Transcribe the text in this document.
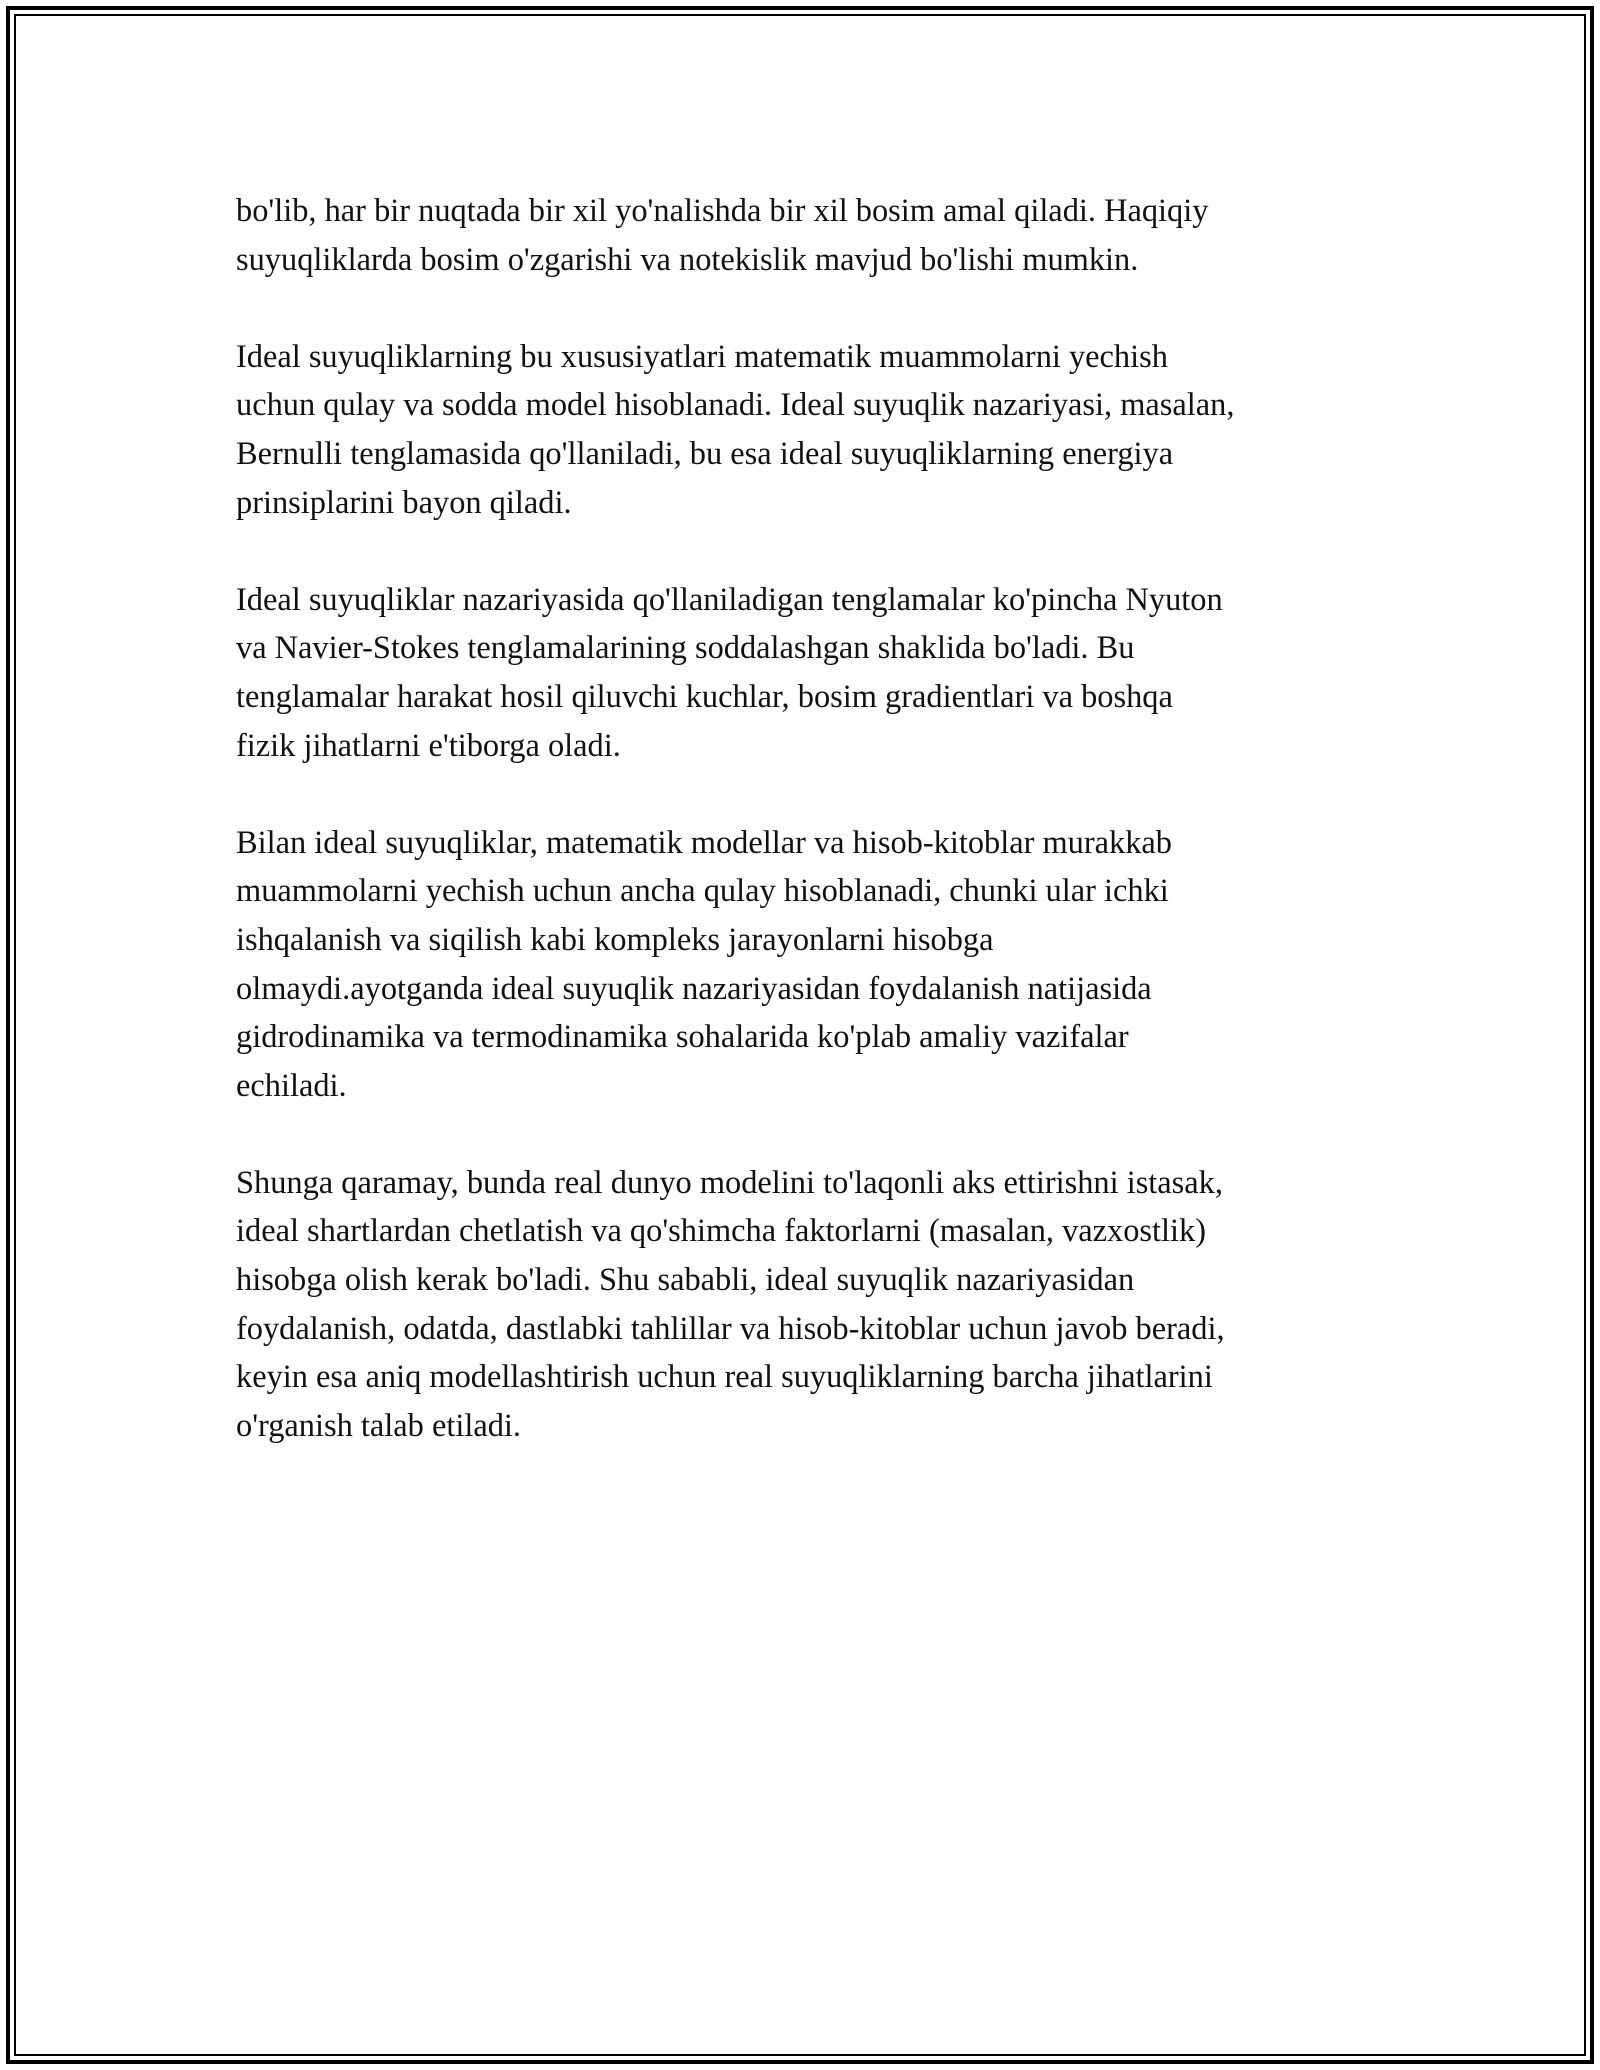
bo'lib, har bir nuqtada bir xil yo'nalishda bir xil bosim amal qiladi. Haqiqiy
suyuqliklarda bosim o'zgarishi va notekislik mavjud bo'lishi mumkin.

Ideal suyuqliklarning bu xususiyatlari matematik muammolarni yechish
uchun qulay va sodda model hisoblanadi. Ideal suyuqlik nazariyasi, masalan,
Bernulli tenglamasida qo'llaniladi, bu esa ideal suyuqliklarning energiya
prinsiplarini bayon qiladi.

Ideal suyuqliklar nazariyasida qo'llaniladigan tenglamalar ko'pincha Nyuton
va Navier-Stokes tenglamalarining soddalashgan shaklida bo'ladi. Bu
tenglamalar harakat hosil qiluvchi kuchlar, bosim gradientlari va boshqa
fizik jihatlarni e'tiborga oladi.

Bilan ideal suyuqliklar, matematik modellar va hisob-kitoblar murakkab
muammolarni yechish uchun ancha qulay hisoblanadi, chunki ular ichki
ishqalanish va siqilish kabi kompleks jarayonlarni hisobga
olmaydi.ayotganda ideal suyuqlik nazariyasidan foydalanish natijasida
gidrodinamika va termodinamika sohalarida ko'plab amaliy vazifalar
echiladi.

Shunga qaramay, bunda real dunyo modelini to'laqonli aks ettirishni istasak,
ideal shartlardan chetlatish va qo'shimcha faktorlarni (masalan, vazxostlik)
hisobga olish kerak bo'ladi. Shu sababli, ideal suyuqlik nazariyasidan
foydalanish, odatda, dastlabki tahlillar va hisob-kitoblar uchun javob beradi,
keyin esa aniq modellashtirish uchun real suyuqliklarning barcha jihatlarini
o'rganish talab etiladi.
